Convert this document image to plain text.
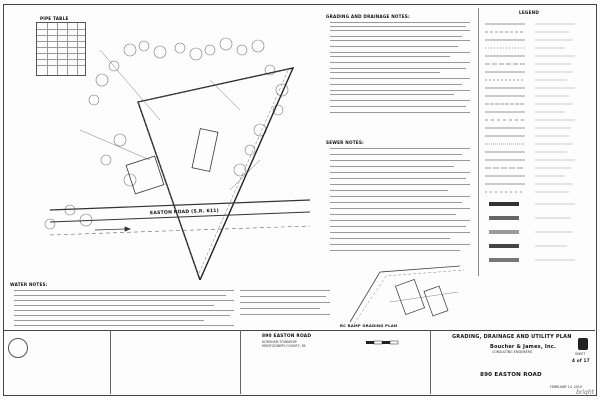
PIPE TABLE
EASTON ROAD (S.R. 611)
GRADING AND DRAINAGE NOTES:
SEWER NOTES:
WATER NOTES:
RC RAMP GRADING PLAN
LEGEND
890 EASTON ROAD
HORSHAM TOWNSHIP
MONTGOMERY COUNTY, PA
GRADING, DRAINAGE AND UTILITY PLAN
Boucher & James, Inc.
CONSULTING ENGINEERS
890 EASTON ROAD
SHEET
4 of 17
FEBRUARY 14, 2019
bright
